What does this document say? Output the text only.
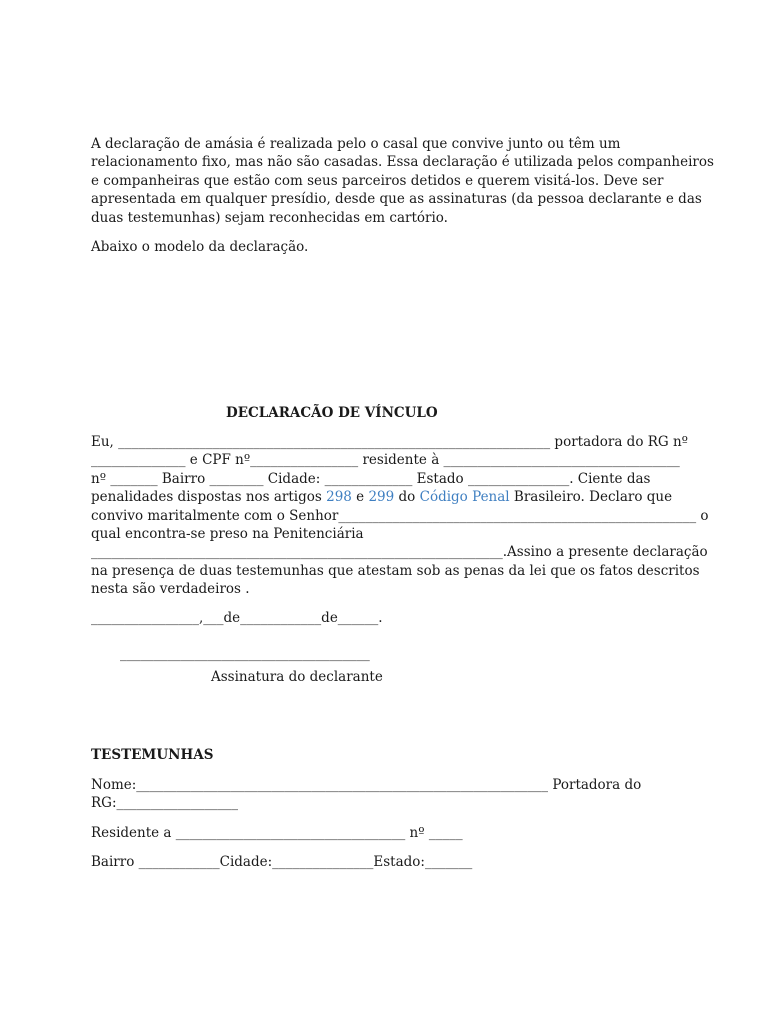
A declaração de amásia é realizada pelo o casal que convive junto ou têm um
relacionamento fixo, mas não são casadas. Essa declaração é utilizada pelos companheiros
e companheiras que estão com seus parceiros detidos e querem visitá-los. Deve ser
apresentada em qualquer presídio, desde que as assinaturas (da pessoa declarante e das
duas testemunhas) sejam reconhecidas em cartório.
Abaixo o modelo da declaração.
DECLARACÃO DE VÍNCULO
Eu, ________________________________________________________________ portadora do RG nº
______________ e CPF nº________________ residente à ___________________________________
nº _______ Bairro ________ Cidade: _____________ Estado _______________. Ciente das
penalidades dispostas nos artigos 298 e 299 do Código Penal Brasileiro. Declaro que
convivo maritalmente com o Senhor_____________________________________________________ o
qual encontra-se preso na Penitenciária
_____________________________________________________________.Assino a presente declaração
na presença de duas testemunhas que atestam sob as penas da lei que os fatos descritos
nesta são verdadeiros .
________________,___de____________de______.
_____________________________________
Assinatura do declarante
TESTEMUNHAS
Nome:_____________________________________________________________ Portadora do
RG:__________________
Residente a __________________________________ nº _____
Bairro ____________Cidade:_______________Estado:_______
